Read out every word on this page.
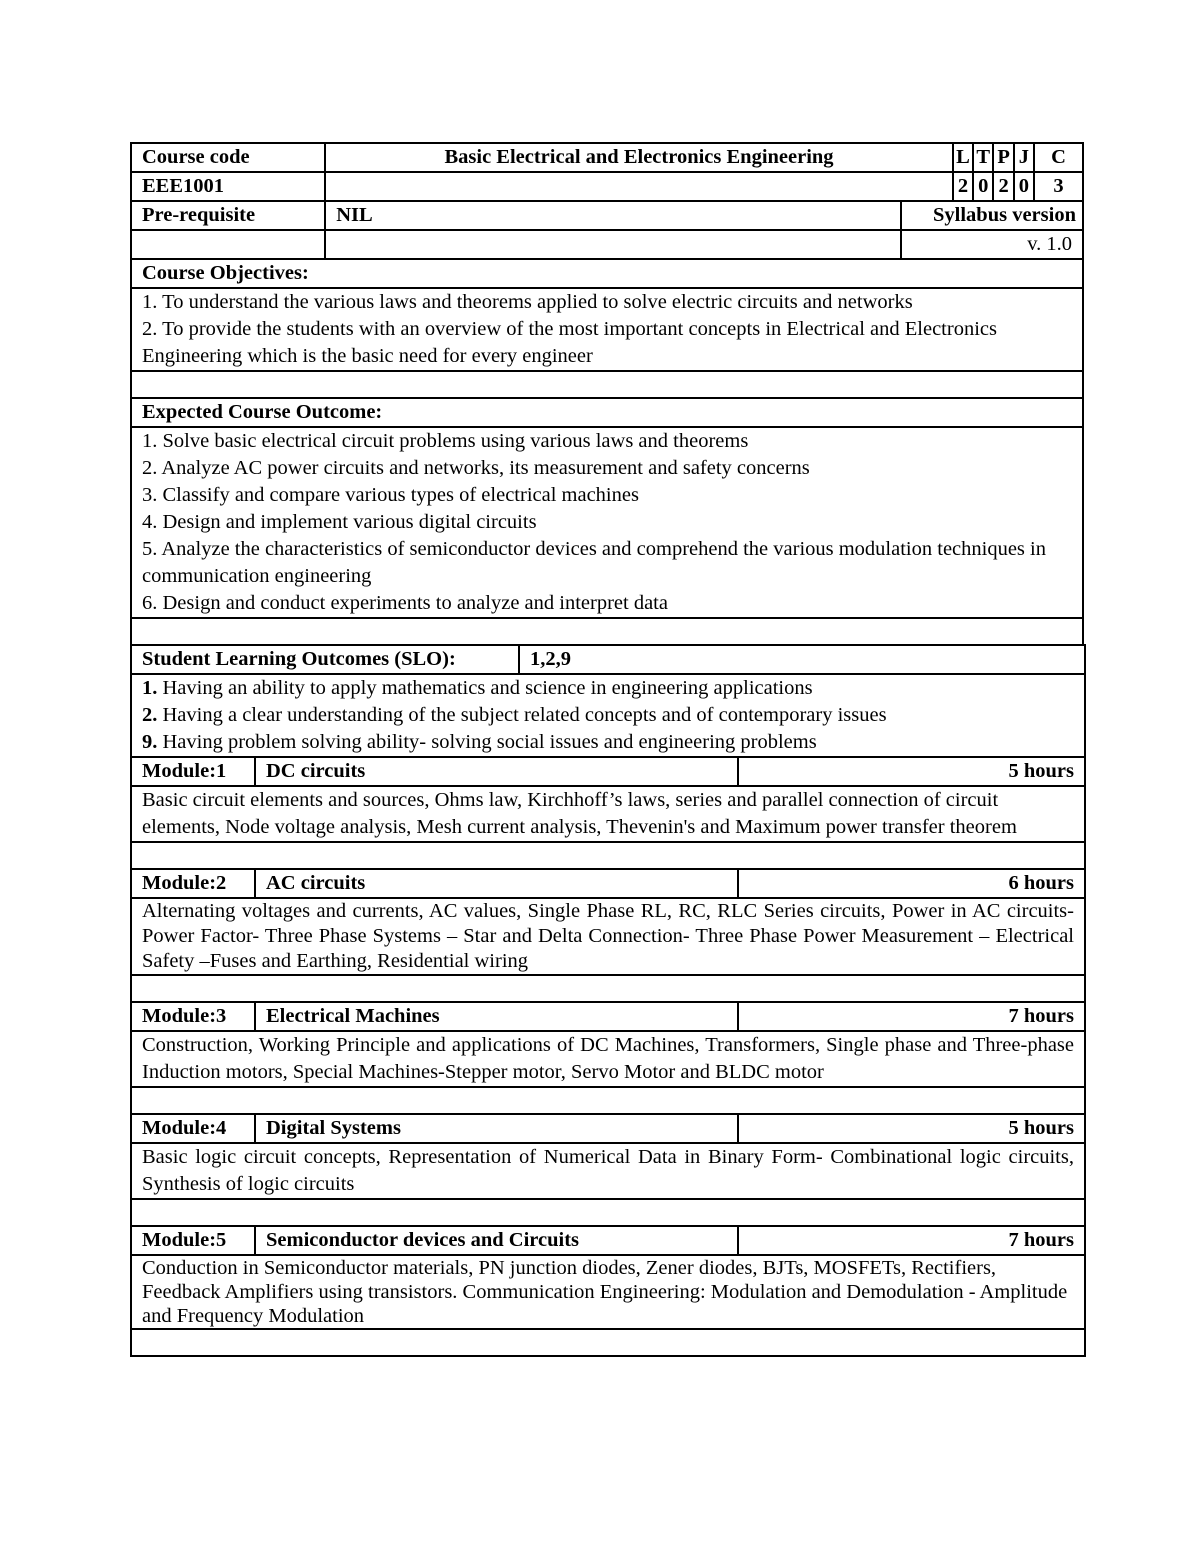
Course code	Basic Electrical and Electronics Engineering		L	T	P	J	C
EEE1001			2	0	2	0	3
Pre-requisite	NIL	Syllabus version					
		v. 1.0					
Course Objectives:

1. To understand the various laws and theorems applied to solve electric circuits and networks
2. To provide the students with an overview of the most important concepts in Electrical and Electronics Engineering which is the basic need for every engineer

Expected Course Outcome:

1. Solve basic electrical circuit problems using various laws and theorems
2. Analyze AC power circuits and networks, its measurement and safety concerns
3. Classify and compare various types of electrical machines
4. Design and implement various digital circuits
5. Analyze the characteristics of semiconductor devices and comprehend the various modulation techniques in communication engineering
6. Design and conduct experiments to analyze and interpret data

Student Learning Outcomes (SLO):	1,2,9

1. Having an ability to apply mathematics and science in engineering applications
2. Having a clear understanding of the subject related concepts and of contemporary issues
9. Having problem solving ability- solving social issues and engineering problems
Module:1	DC circuits	5 hours
Basic circuit elements and sources, Ohms law, Kirchhoff’s laws, series and parallel connection of circuit elements, Node voltage analysis, Mesh current analysis, Thevenin's and Maximum power transfer theorem		

Module:2	AC circuits	6 hours
Alternating voltages and currents, AC values, Single Phase RL, RC, RLC Series circuits, Power in AC circuits-Power Factor- Three Phase Systems – Star and Delta Connection- Three Phase Power Measurement – Electrical Safety –Fuses and Earthing, Residential wiring		

Module:3	Electrical Machines	7 hours
Construction, Working Principle and applications of DC Machines, Transformers, Single phase and Three-phase Induction motors, Special Machines-Stepper motor, Servo Motor and BLDC motor		

Module:4	Digital Systems	5 hours
Basic logic circuit concepts, Representation of Numerical Data in Binary Form- Combinational logic circuits, Synthesis of logic circuits		

Module:5	Semiconductor devices and Circuits	7 hours
Conduction in Semiconductor materials, PN junction diodes, Zener diodes, BJTs, MOSFETs, Rectifiers, Feedback Amplifiers using transistors. Communication Engineering: Modulation and Demodulation - Amplitude and Frequency Modulation		
